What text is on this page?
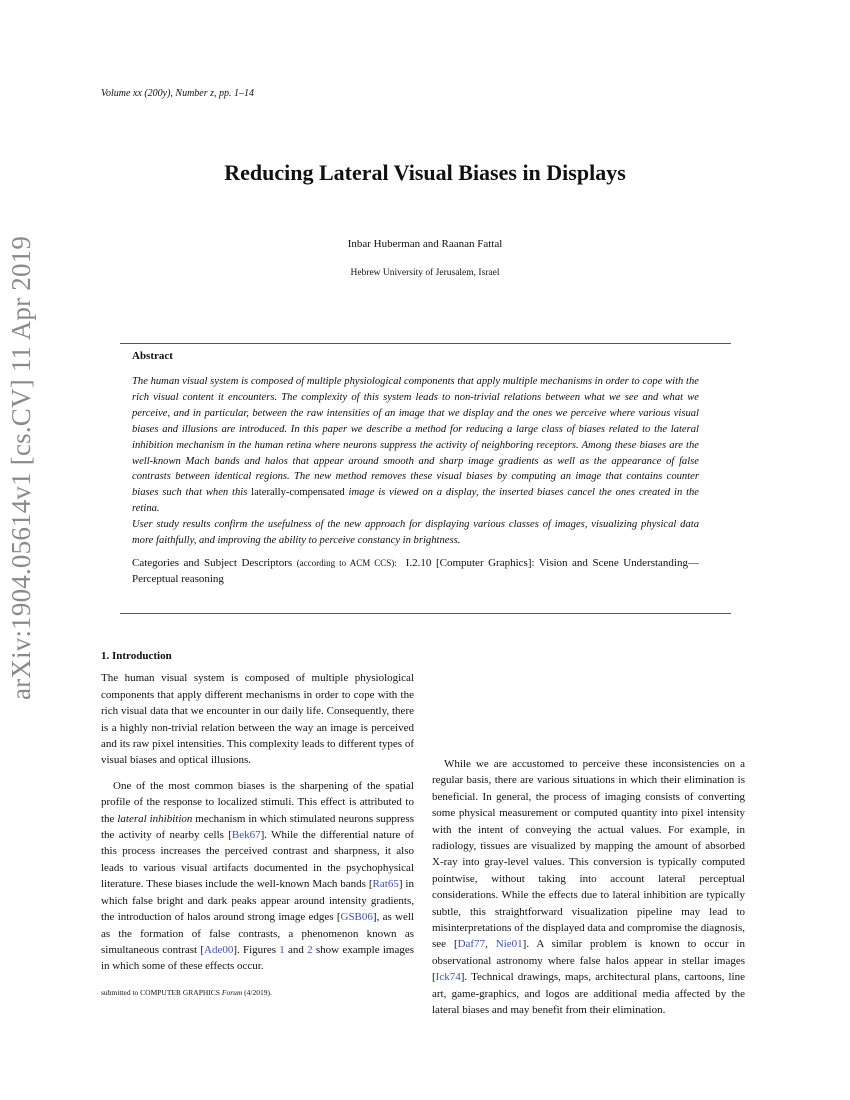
Volume xx (200y), Number z, pp. 1–14
arXiv:1904.05614v1 [cs.CV] 11 Apr 2019
Reducing Lateral Visual Biases in Displays
Inbar Huberman and Raanan Fattal
Hebrew University of Jerusalem, Israel
Abstract

The human visual system is composed of multiple physiological components that apply multiple mechanisms in order to cope with the rich visual content it encounters. The complexity of this system leads to non-trivial relations between what we see and what we perceive, and in particular, between the raw intensities of an image that we display and the ones we perceive where various visual biases and illusions are introduced. In this paper we describe a method for reducing a large class of biases related to the lateral inhibition mechanism in the human retina where neurons suppress the activity of neighboring receptors. Among these biases are the well-known Mach bands and halos that appear around smooth and sharp image gradients as well as the appearance of false contrasts between identical regions. The new method removes these visual biases by computing an image that contains counter biases such that when this laterally-compensated image is viewed on a display, the inserted biases cancel the ones created in the retina.

User study results confirm the usefulness of the new approach for displaying various classes of images, visualizing physical data more faithfully, and improving the ability to perceive constancy in brightness.

Categories and Subject Descriptors (according to ACM CCS): I.2.10 [Computer Graphics]: Vision and Scene Understanding—Perceptual reasoning
1. Introduction

The human visual system is composed of multiple physiological components that apply different mechanisms in order to cope with the rich visual data that we encounter in our daily life. Consequently, there is a highly non-trivial relation between the way an image is perceived and its raw pixel intensities. This complexity leads to different types of visual biases and optical illusions.

One of the most common biases is the sharpening of the spatial profile of the response to localized stimuli. This effect is attributed to the lateral inhibition mechanism in which stimulated neurons suppress the activity of nearby cells [Bek67]. While the differential nature of this process increases the perceived contrast and sharpness, it also leads to various visual artifacts documented in the psychophysical literature. These biases include the well-known Mach bands [Rat65] in which false bright and dark peaks appear around intensity gradients, the introduction of halos around strong image edges [GSB06], as well as the formation of false contrasts, a phenomenon known as simultaneous contrast [Ade00]. Figures 1 and 2 show example images in which some of these effects occur.

While we are accustomed to perceive these inconsistencies on a regular basis, there are various situations in which their elimination is beneficial. In general, the process of imaging consists of converting some physical measurement or computed quantity into pixel intensity with the intent of conveying the actual values. For example, in radiology, tissues are visualized by mapping the amount of absorbed X-ray into gray-level values. This conversion is typically computed pointwise, without taking into account lateral perceptual considerations. While the effects due to lateral inhibition are typically subtle, this straightforward visualization pipeline may lead to misinterpretations of the displayed data and compromise the diagnosis, see [Daf77, Nie01]. A similar problem is known to occur in observational astronomy where false halos appear in stellar images [Ick74]. Technical drawings, maps, architectural plans, cartoons, line art, game-graphics, and logos are additional media affected by the lateral biases and may benefit from their elimination.

submitted to COMPUTER GRAPHICS Forum (4/2019).
